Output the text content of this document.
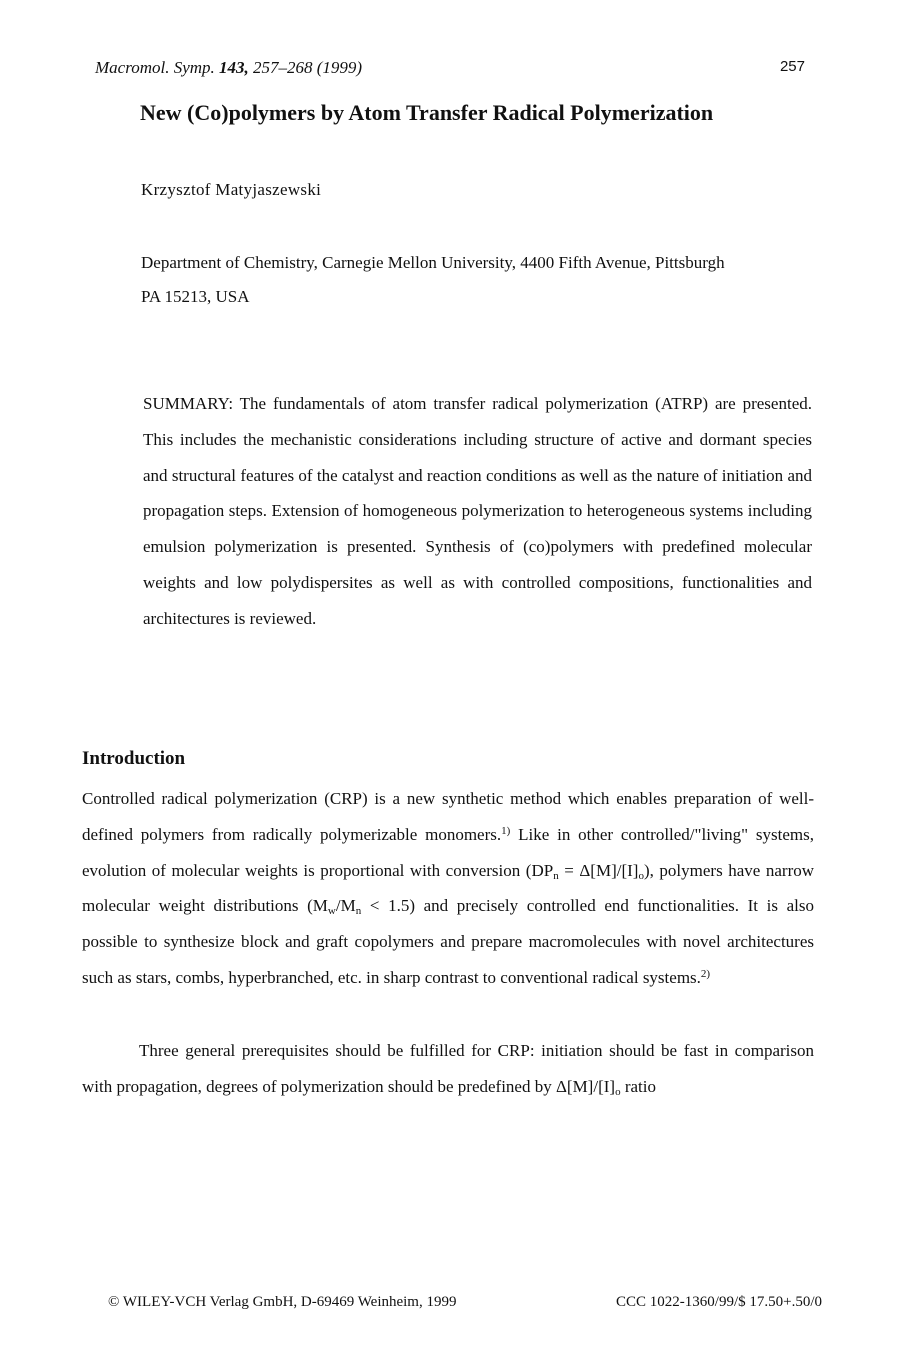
Macromol. Symp. 143, 257–268 (1999)	257
New (Co)polymers by Atom Transfer Radical Polymerization
Krzysztof Matyjaszewski
Department of Chemistry, Carnegie Mellon University, 4400 Fifth Avenue, Pittsburgh
PA 15213, USA

SUMMARY: The fundamentals of atom transfer radical polymerization (ATRP) are presented. This includes the mechanistic considerations including structure of active and dormant species and structural features of the catalyst and reaction conditions as well as the nature of initiation and propagation steps. Extension of homogeneous polymerization to heterogeneous systems including emulsion polymerization is presented. Synthesis of (co)polymers with predefined molecular weights and low polydispersites as well as with controlled compositions, functionalities and architectures is reviewed.

Introduction

Controlled radical polymerization (CRP) is a new synthetic method which enables preparation of well-defined polymers from radically polymerizable monomers.$^{1)}$ Like in other controlled/"living" systems, evolution of molecular weights is proportional with conversion $(DP_n = \Delta[M]/[I]_o)$, polymers have narrow molecular weight distributions $(M_w/M_n < 1.5)$ and precisely controlled end functionalities. It is also possible to synthesize block and graft copolymers and prepare macromolecules with novel architectures such as stars, combs, hyperbranched, etc. in sharp contrast to conventional radical systems.$^{2)}$

Three general prerequisites should be fulfilled for CRP: initiation should be fast in comparison with propagation, degrees of polymerization should be predefined by $\Delta[M]/[I]_o$ ratio

© WILEY-VCH Verlag GmbH, D-69469 Weinheim, 1999	CCC 1022-1360/99/$ 17.50+.50/0
